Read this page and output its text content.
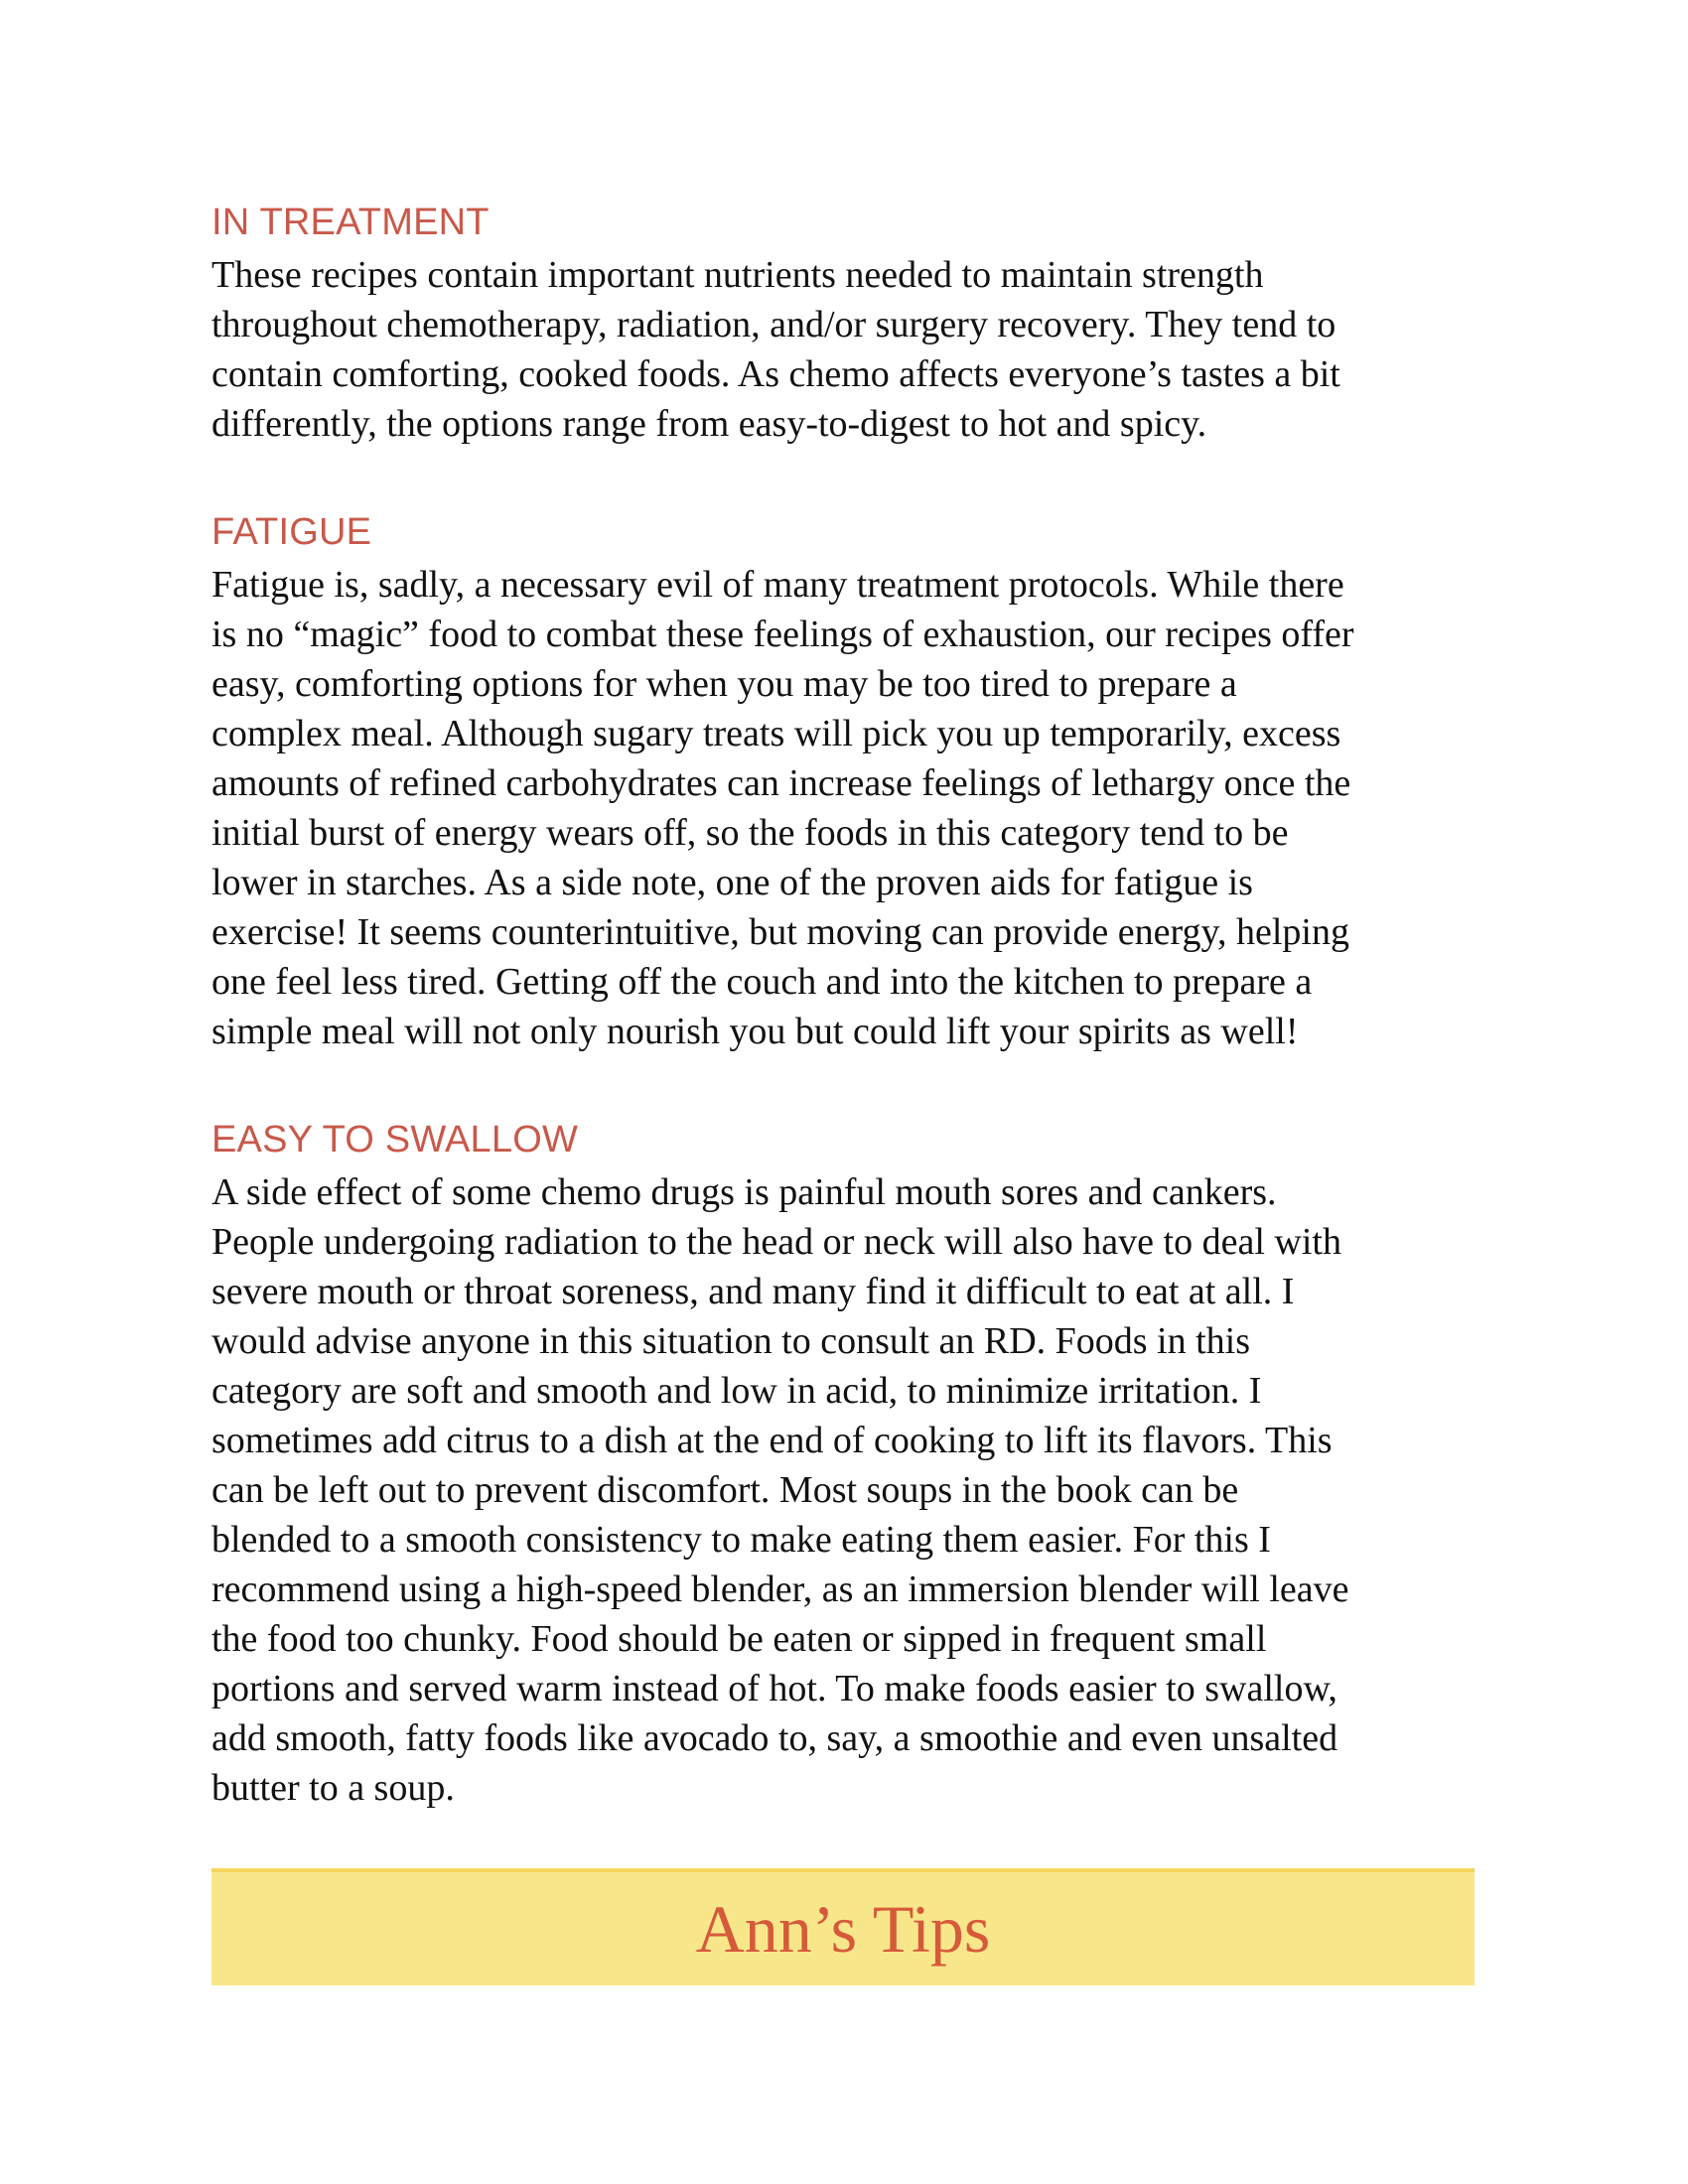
IN TREATMENT
These recipes contain important nutrients needed to maintain strength
throughout chemotherapy, radiation, and/or surgery recovery. They tend to
contain comforting, cooked foods. As chemo affects everyone’s tastes a bit
differently, the options range from easy-to-digest to hot and spicy.
FATIGUE
Fatigue is, sadly, a necessary evil of many treatment protocols. While there
is no “magic” food to combat these feelings of exhaustion, our recipes offer
easy, comforting options for when you may be too tired to prepare a
complex meal. Although sugary treats will pick you up temporarily, excess
amounts of refined carbohydrates can increase feelings of lethargy once the
initial burst of energy wears off, so the foods in this category tend to be
lower in starches. As a side note, one of the proven aids for fatigue is
exercise! It seems counterintuitive, but moving can provide energy, helping
one feel less tired. Getting off the couch and into the kitchen to prepare a
simple meal will not only nourish you but could lift your spirits as well!
EASY TO SWALLOW
A side effect of some chemo drugs is painful mouth sores and cankers.
People undergoing radiation to the head or neck will also have to deal with
severe mouth or throat soreness, and many find it difficult to eat at all. I
would advise anyone in this situation to consult an RD. Foods in this
category are soft and smooth and low in acid, to minimize irritation. I
sometimes add citrus to a dish at the end of cooking to lift its flavors. This
can be left out to prevent discomfort. Most soups in the book can be
blended to a smooth consistency to make eating them easier. For this I
recommend using a high-speed blender, as an immersion blender will leave
the food too chunky. Food should be eaten or sipped in frequent small
portions and served warm instead of hot. To make foods easier to swallow,
add smooth, fatty foods like avocado to, say, a smoothie and even unsalted
butter to a soup.
Ann’s Tips
